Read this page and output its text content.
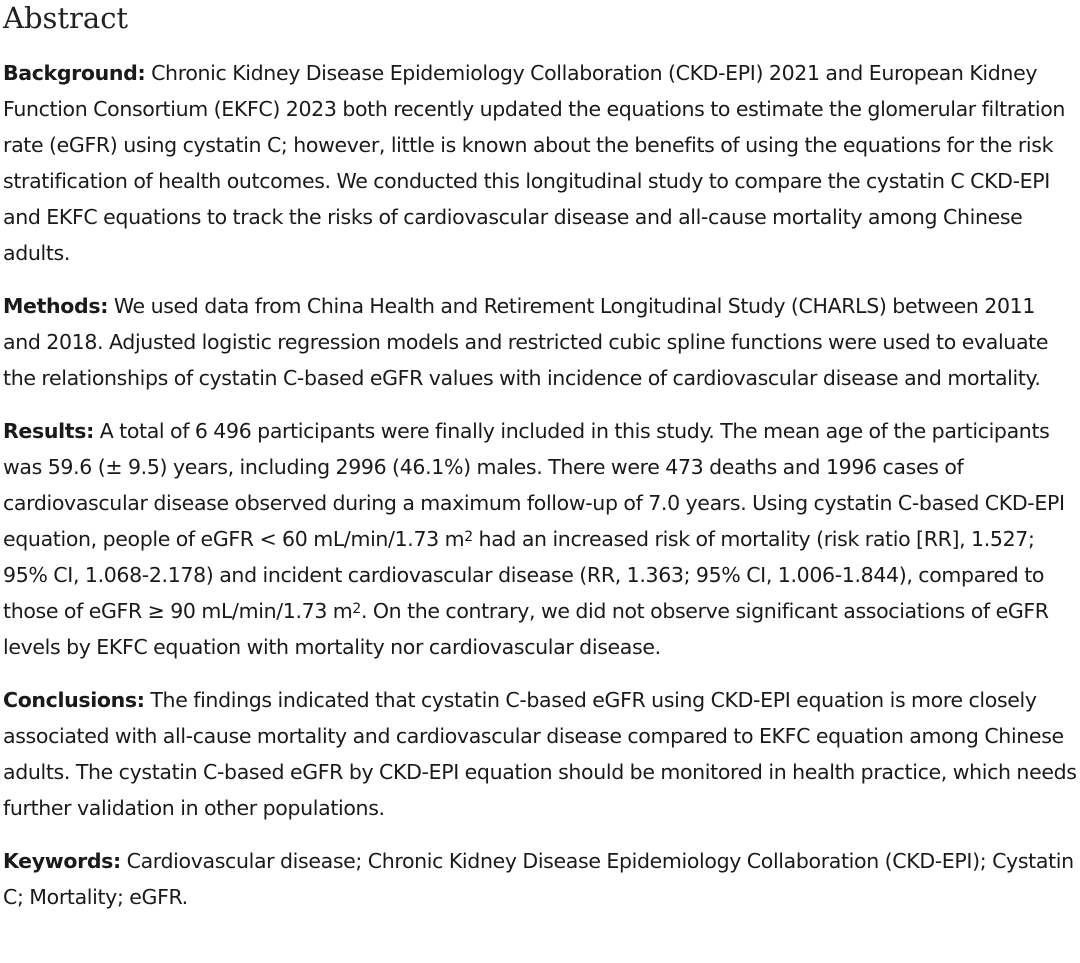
Abstract

Background: Chronic Kidney Disease Epidemiology Collaboration (CKD-EPI) 2021 and European Kidney Function Consortium (EKFC) 2023 both recently updated the equations to estimate the glomerular filtration rate (eGFR) using cystatin C; however, little is known about the benefits of using the equations for the risk stratification of health outcomes. We conducted this longitudinal study to compare the cystatin C CKD-EPI and EKFC equations to track the risks of cardiovascular disease and all-cause mortality among Chinese adults.

Methods: We used data from China Health and Retirement Longitudinal Study (CHARLS) between 2011 and 2018. Adjusted logistic regression models and restricted cubic spline functions were used to evaluate the relationships of cystatin C-based eGFR values with incidence of cardiovascular disease and mortality.

Results: A total of 6 496 participants were finally included in this study. The mean age of the participants was 59.6 (± 9.5) years, including 2996 (46.1%) males. There were 473 deaths and 1996 cases of cardiovascular disease observed during a maximum follow-up of 7.0 years. Using cystatin C-based CKD-EPI equation, people of eGFR < 60 mL/min/1.73 $m^2$ had an increased risk of mortality (risk ratio [RR], 1.527; 95% CI, 1.068-2.178) and incident cardiovascular disease (RR, 1.363; 95% CI, 1.006-1.844), compared to those of eGFR ≥ 90 mL/min/1.73 $m^2$. On the contrary, we did not observe significant associations of eGFR levels by EKFC equation with mortality nor cardiovascular disease.

Conclusions: The findings indicated that cystatin C-based eGFR using CKD-EPI equation is more closely associated with all-cause mortality and cardiovascular disease compared to EKFC equation among Chinese adults. The cystatin C-based eGFR by CKD-EPI equation should be monitored in health practice, which needs further validation in other populations.

Keywords: Cardiovascular disease; Chronic Kidney Disease Epidemiology Collaboration (CKD-EPI); Cystatin C; Mortality; eGFR.
